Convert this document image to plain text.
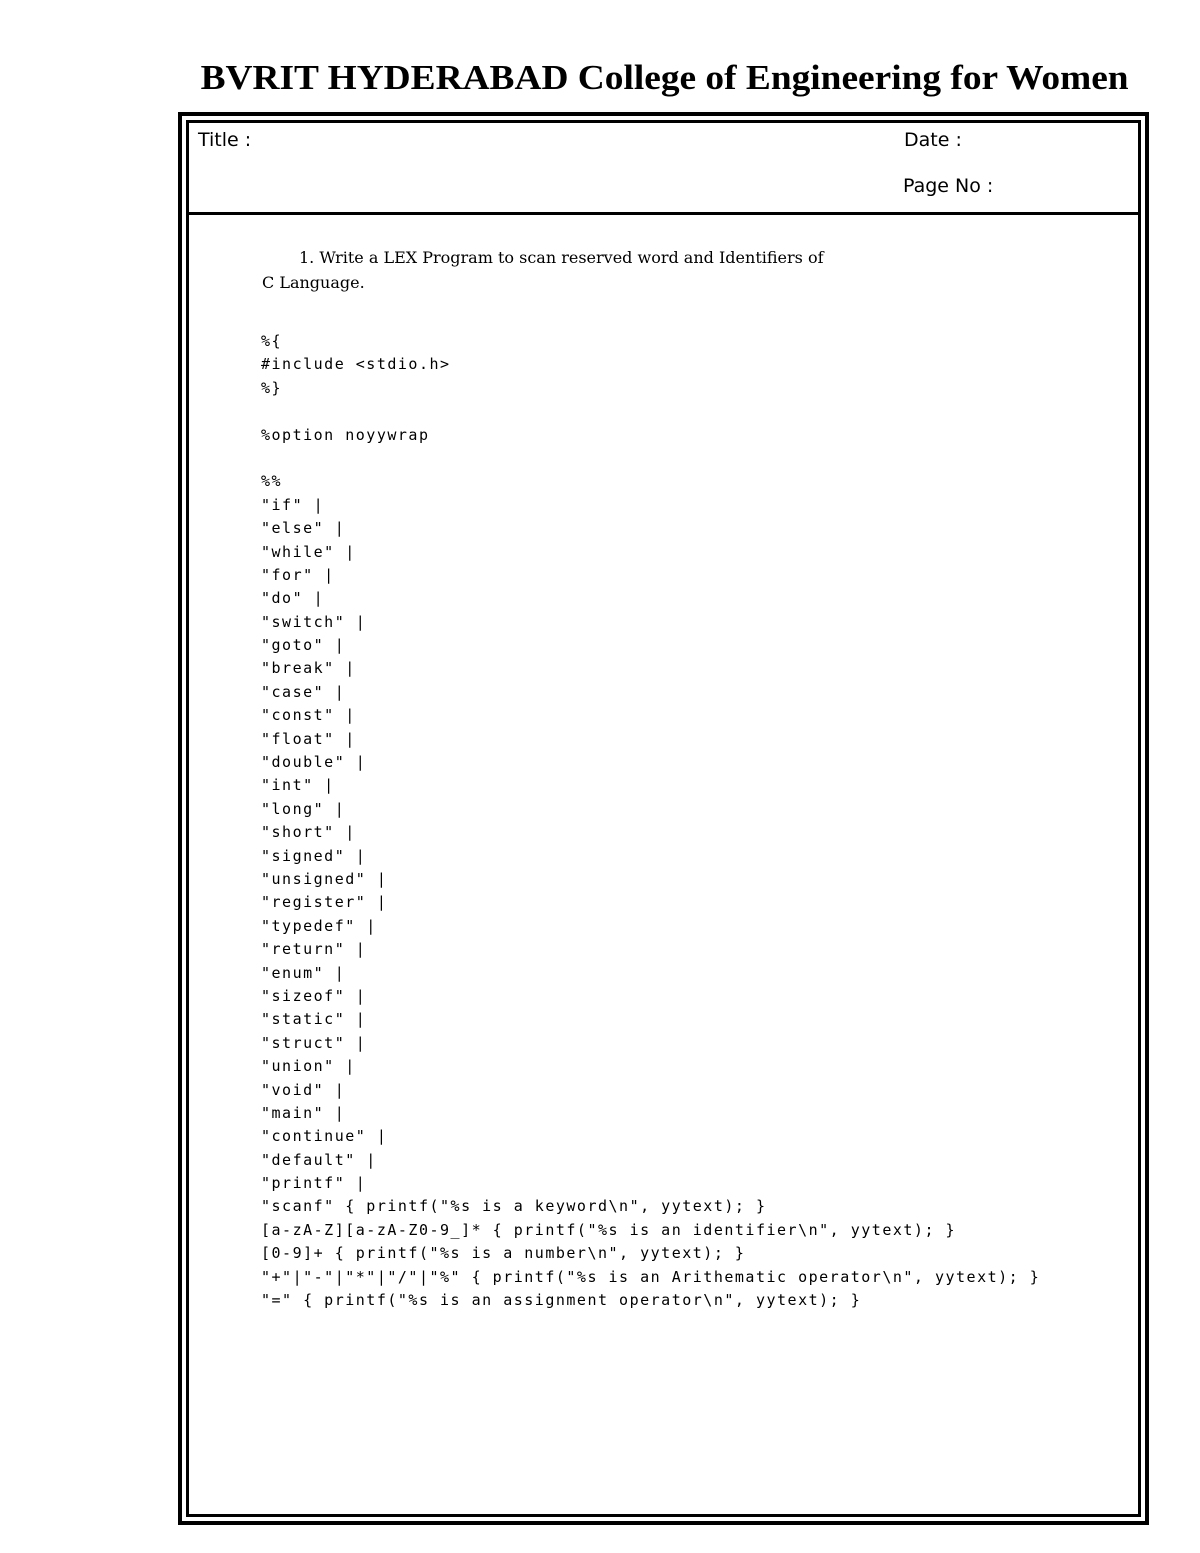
BVRIT HYDERABAD College of Engineering for Women
Title :	Date :
Page No :
1. Write a LEX Program to scan reserved word and Identifiers of
C Language.
%{
#include <stdio.h>
%}
%option noyywrap
%%
"if" |
"else" |
"while" |
"for" |
"do" |
"switch" |
"goto" |
"break" |
"case" |
"const" |
"float" |
"double" |
"int" |
"long" |
"short" |
"signed" |
"unsigned" |
"register" |
"typedef" |
"return" |
"enum" |
"sizeof" |
"static" |
"struct" |
"union" |
"void" |
"main" |
"continue" |
"default" |
"printf" |
"scanf" { printf("%s is a keyword\n", yytext); }
[a-zA-Z][a-zA-Z0-9_]* { printf("%s is an identifier\n", yytext); }
[0-9]+ { printf("%s is a number\n", yytext); }
"+"|"-"|"*"|"/"|"%" { printf("%s is an Arithematic operator\n", yytext); }
"=" { printf("%s is an assignment operator\n", yytext); }
